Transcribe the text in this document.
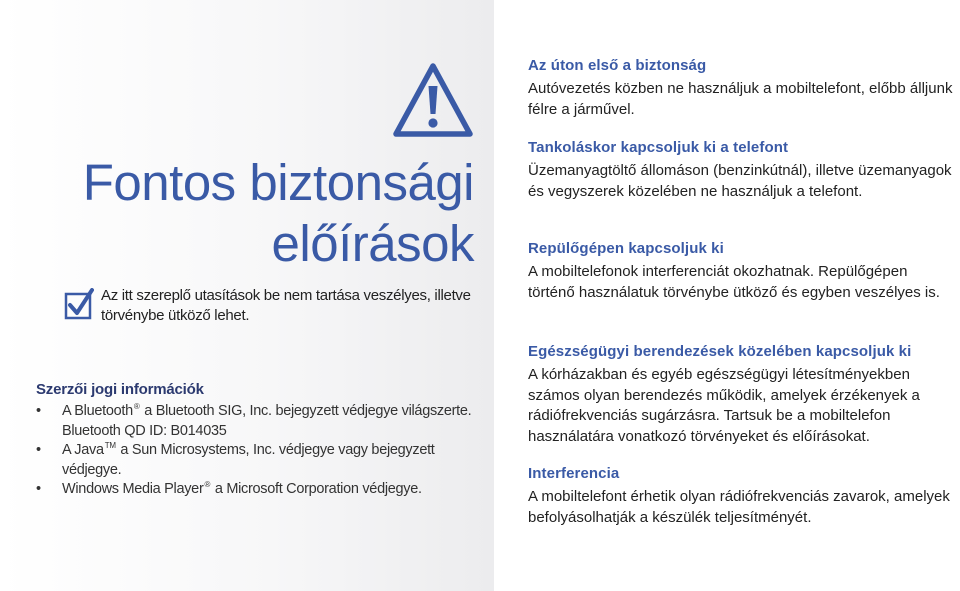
Fontos biztonsági
előírások
Az itt szereplő utasítások be nem tartása veszélyes, illetve törvénybe ütköző lehet.
Szerzői jogi információk
• A Bluetooth® a Bluetooth SIG, Inc. bejegyzett védjegye világszerte.
Bluetooth QD ID: B014035
• A Java™ a Sun Microsystems, Inc. védjegye vagy bejegyzett védjegye.
• Windows Media Player® a Microsoft Corporation védjegye.
Az úton első a biztonság

Autóvezetés közben ne használjuk a mobiltelefont, előbb álljunk félre a járművel.

Tankoláskor kapcsoljuk ki a telefont

Üzemanyagtöltő állomáson (benzinkútnál), illetve üzemanyagok és vegyszerek közelében ne használjuk a telefont.

Repülőgépen kapcsoljuk ki

A mobiltelefonok interferenciát okozhatnak. Repülőgépen történő használatuk törvénybe ütköző és egyben veszélyes is.

Egészségügyi berendezések közelében kapcsoljuk ki

A kórházakban és egyéb egészségügyi létesítményekben számos olyan berendezés működik, amelyek érzékenyek a rádiófrekvenciás sugárzásra. Tartsuk be a mobiltelefon használatára vonatkozó törvényeket és előírásokat.

Interferencia

A mobiltelefont érhetik olyan rádiófrekvenciás zavarok, amelyek befolyásolhatják a készülék teljesítményét.
